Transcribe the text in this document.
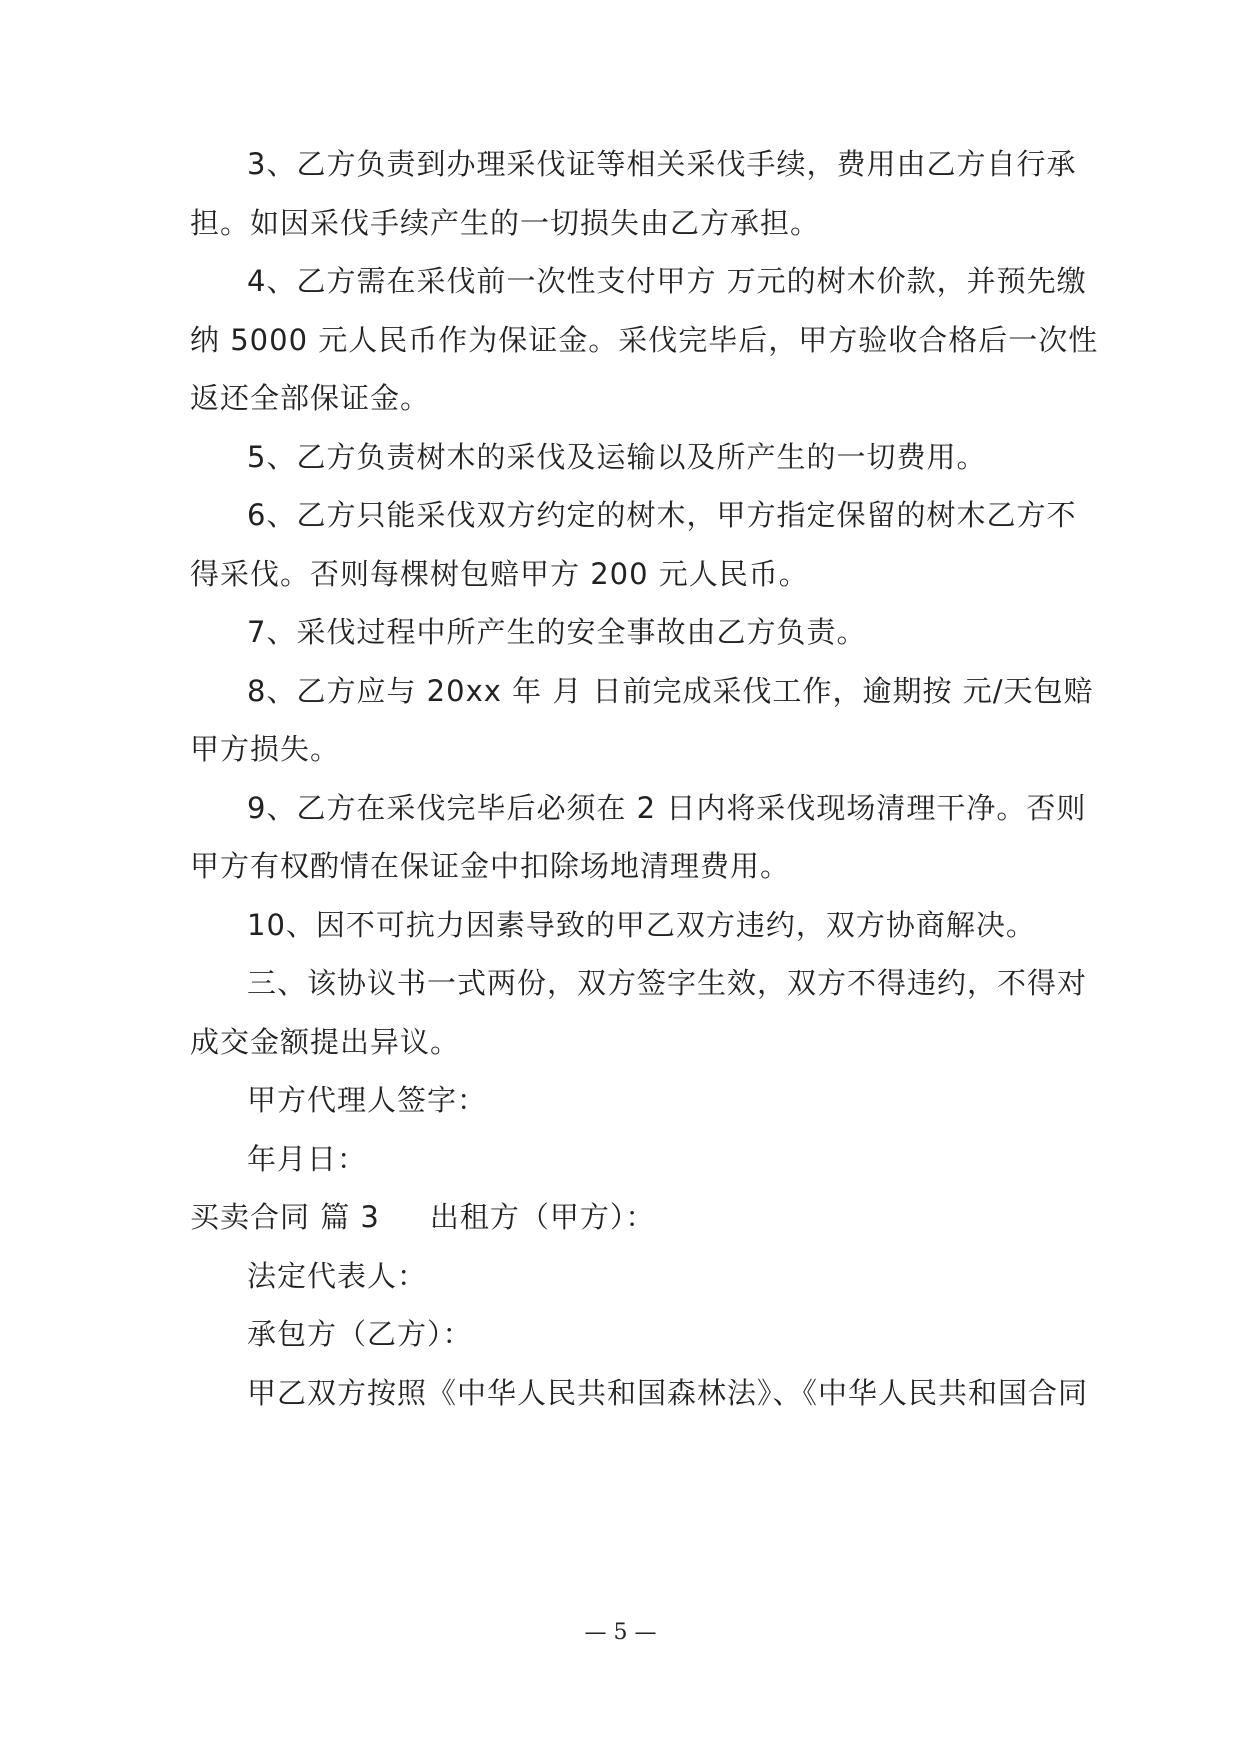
3、乙方负责到办理采伐证等相关采伐手续，费用由乙方自行承
担。如因采伐手续产生的一切损失由乙方承担。
4、乙方需在采伐前一次性支付甲方 万元的树木价款，并预先缴
纳 5000 元人民币作为保证金。采伐完毕后，甲方验收合格后一次性
返还全部保证金。
5、乙方负责树木的采伐及运输以及所产生的一切费用。
6、乙方只能采伐双方约定的树木，甲方指定保留的树木乙方不
得采伐。否则每棵树包赔甲方 200 元人民币。
7、采伐过程中所产生的安全事故由乙方负责。
8、乙方应与 20xx 年 月 日前完成采伐工作，逾期按 元/天包赔
甲方损失。
9、乙方在采伐完毕后必须在 2 日内将采伐现场清理干净。否则
甲方有权酌情在保证金中扣除场地清理费用。
10、因不可抗力因素导致的甲乙双方违约，双方协商解决。
三、该协议书一式两份，双方签字生效，双方不得违约，不得对
成交金额提出异议。
甲方代理人签字：
年月日：
买卖合同 篇 3 出租方（甲方）：
法定代表人：
承包方（乙方）：
甲乙双方按照《中华人民共和国森林法》、《中华人民共和国合同
— 5 —
